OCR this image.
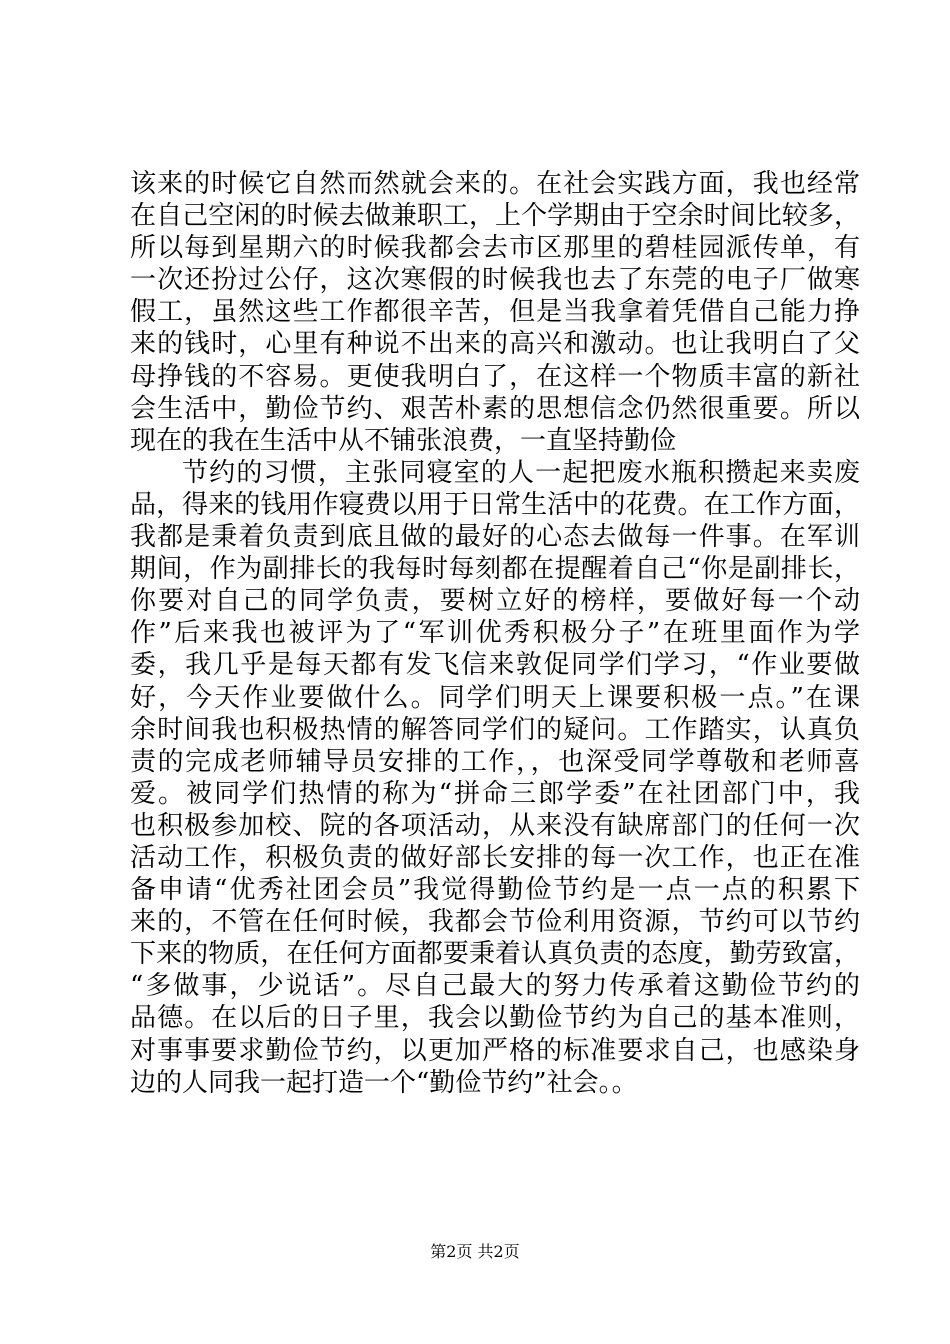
该来的时候它自然而然就会来的。在社会实践方面，我也经常
在自己空闲的时候去做兼职工，上个学期由于空余时间比较多，
所以每到星期六的时候我都会去市区那里的碧桂园派传单，有
一次还扮过公仔，这次寒假的时候我也去了东莞的电子厂做寒
假工，虽然这些工作都很辛苦，但是当我拿着凭借自己能力挣
来的钱时，心里有种说不出来的高兴和激动。也让我明白了父
母挣钱的不容易。更使我明白了，在这样一个物质丰富的新社
会生活中，勤俭节约、艰苦朴素的思想信念仍然很重要。所以
现在的我在生活中从不铺张浪费，一直坚持勤俭
节约的习惯，主张同寝室的人一起把废水瓶积攒起来卖废
品，得来的钱用作寝费以用于日常生活中的花费。在工作方面，
我都是秉着负责到底且做的最好的心态去做每一件事。在军训
期间，作为副排长的我每时每刻都在提醒着自己“你是副排长，
你要对自己的同学负责，要树立好的榜样，要做好每一个动
作”后来我也被评为了“军训优秀积极分子”在班里面作为学
委，我几乎是每天都有发飞信来敦促同学们学习，“作业要做
好，今天作业要做什么。同学们明天上课要积极一点。”在课
余时间我也积极热情的解答同学们的疑问。工作踏实，认真负
责的完成老师辅导员安排的工作，，也深受同学尊敬和老师喜
爱。被同学们热情的称为“拼命三郎学委”在社团部门中，我
也积极参加校、院的各项活动，从来没有缺席部门的任何一次
活动工作，积极负责的做好部长安排的每一次工作，也正在准
备申请“优秀社团会员”我觉得勤俭节约是一点一点的积累下
来的，不管在任何时候，我都会节俭利用资源，节约可以节约
下来的物质，在任何方面都要秉着认真负责的态度，勤劳致富，
“多做事，少说话”。尽自己最大的努力传承着这勤俭节约的
品德。在以后的日子里，我会以勤俭节约为自己的基本准则，
对事事要求勤俭节约，以更加严格的标准要求自己，也感染身
边的人同我一起打造一个“勤俭节约”社会。。
第2页 共2页
